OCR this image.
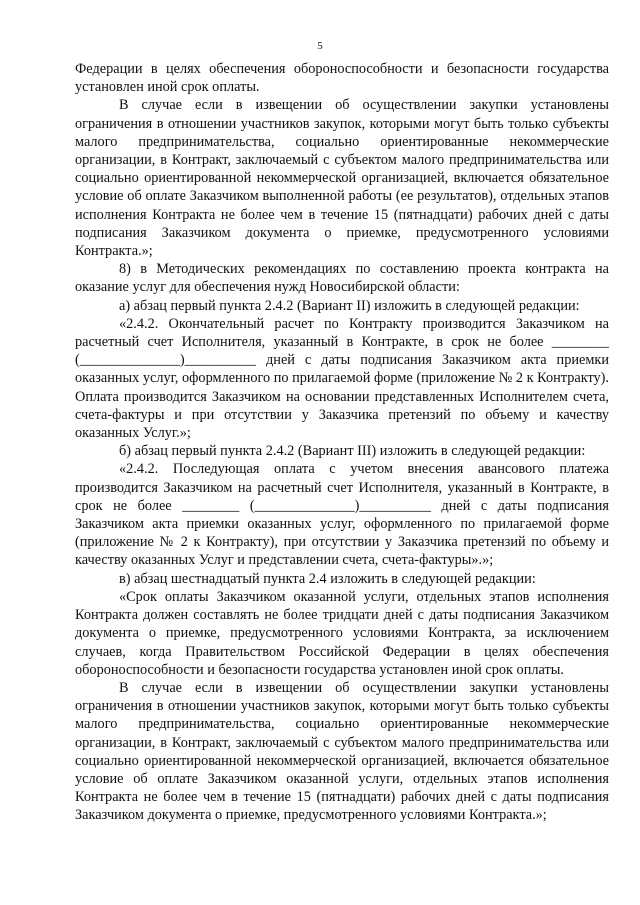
5

Федерации в целях обеспечения обороноспособности и безопасности государства установлен иной срок оплаты.

В случае если в извещении об осуществлении закупки установлены ограничения в отношении участников закупок, которыми могут быть только субъекты малого предпринимательства, социально ориентированные некоммерческие организации, в Контракт, заключаемый с субъектом малого предпринимательства или социально ориентированной некоммерческой организацией, включается обязательное условие об оплате Заказчиком выполненной работы (ее результатов), отдельных этапов исполнения Контракта не более чем в течение 15 (пятнадцати) рабочих дней с даты подписания Заказчиком документа о приемке, предусмотренного условиями Контракта.»;

8) в Методических рекомендациях по составлению проекта контракта на оказание услуг для обеспечения нужд Новосибирской области:

а) абзац первый пункта 2.4.2 (Вариант II) изложить в следующей редакции:

«2.4.2. Окончательный расчет по Контракту производится Заказчиком на расчетный счет Исполнителя, указанный в Контракте, в срок не более ________ (______________)__________ дней с даты подписания Заказчиком акта приемки оказанных услуг, оформленного по прилагаемой форме (приложение № 2 к Контракту). Оплата производится Заказчиком на основании представленных Исполнителем счета, счета-фактуры и при отсутствии у Заказчика претензий по объему и качеству оказанных Услуг.»;

б) абзац первый пункта 2.4.2 (Вариант III) изложить в следующей редакции:

«2.4.2. Последующая оплата с учетом внесения авансового платежа производится Заказчиком на расчетный счет Исполнителя, указанный в Контракте, в срок не более ________ (______________)__________ дней с даты подписания Заказчиком акта приемки оказанных услуг, оформленного по прилагаемой форме (приложение № 2 к Контракту), при отсутствии у Заказчика претензий по объему и качеству оказанных Услуг и представлении счета, счета-фактуры».»;

в) абзац шестнадцатый пункта 2.4 изложить в следующей редакции:

«Срок оплаты Заказчиком оказанной услуги, отдельных этапов исполнения Контракта должен составлять не более тридцати дней с даты подписания Заказчиком документа о приемке, предусмотренного условиями Контракта, за исключением случаев, когда Правительством Российской Федерации в целях обеспечения обороноспособности и безопасности государства установлен иной срок оплаты.

В случае если в извещении об осуществлении закупки установлены ограничения в отношении участников закупок, которыми могут быть только субъекты малого предпринимательства, социально ориентированные некоммерческие организации, в Контракт, заключаемый с субъектом малого предпринимательства или социально ориентированной некоммерческой организацией, включается обязательное условие об оплате Заказчиком оказанной услуги, отдельных этапов исполнения Контракта не более чем в течение 15 (пятнадцати) рабочих дней с даты подписания Заказчиком документа о приемке, предусмотренного условиями Контракта.»;
